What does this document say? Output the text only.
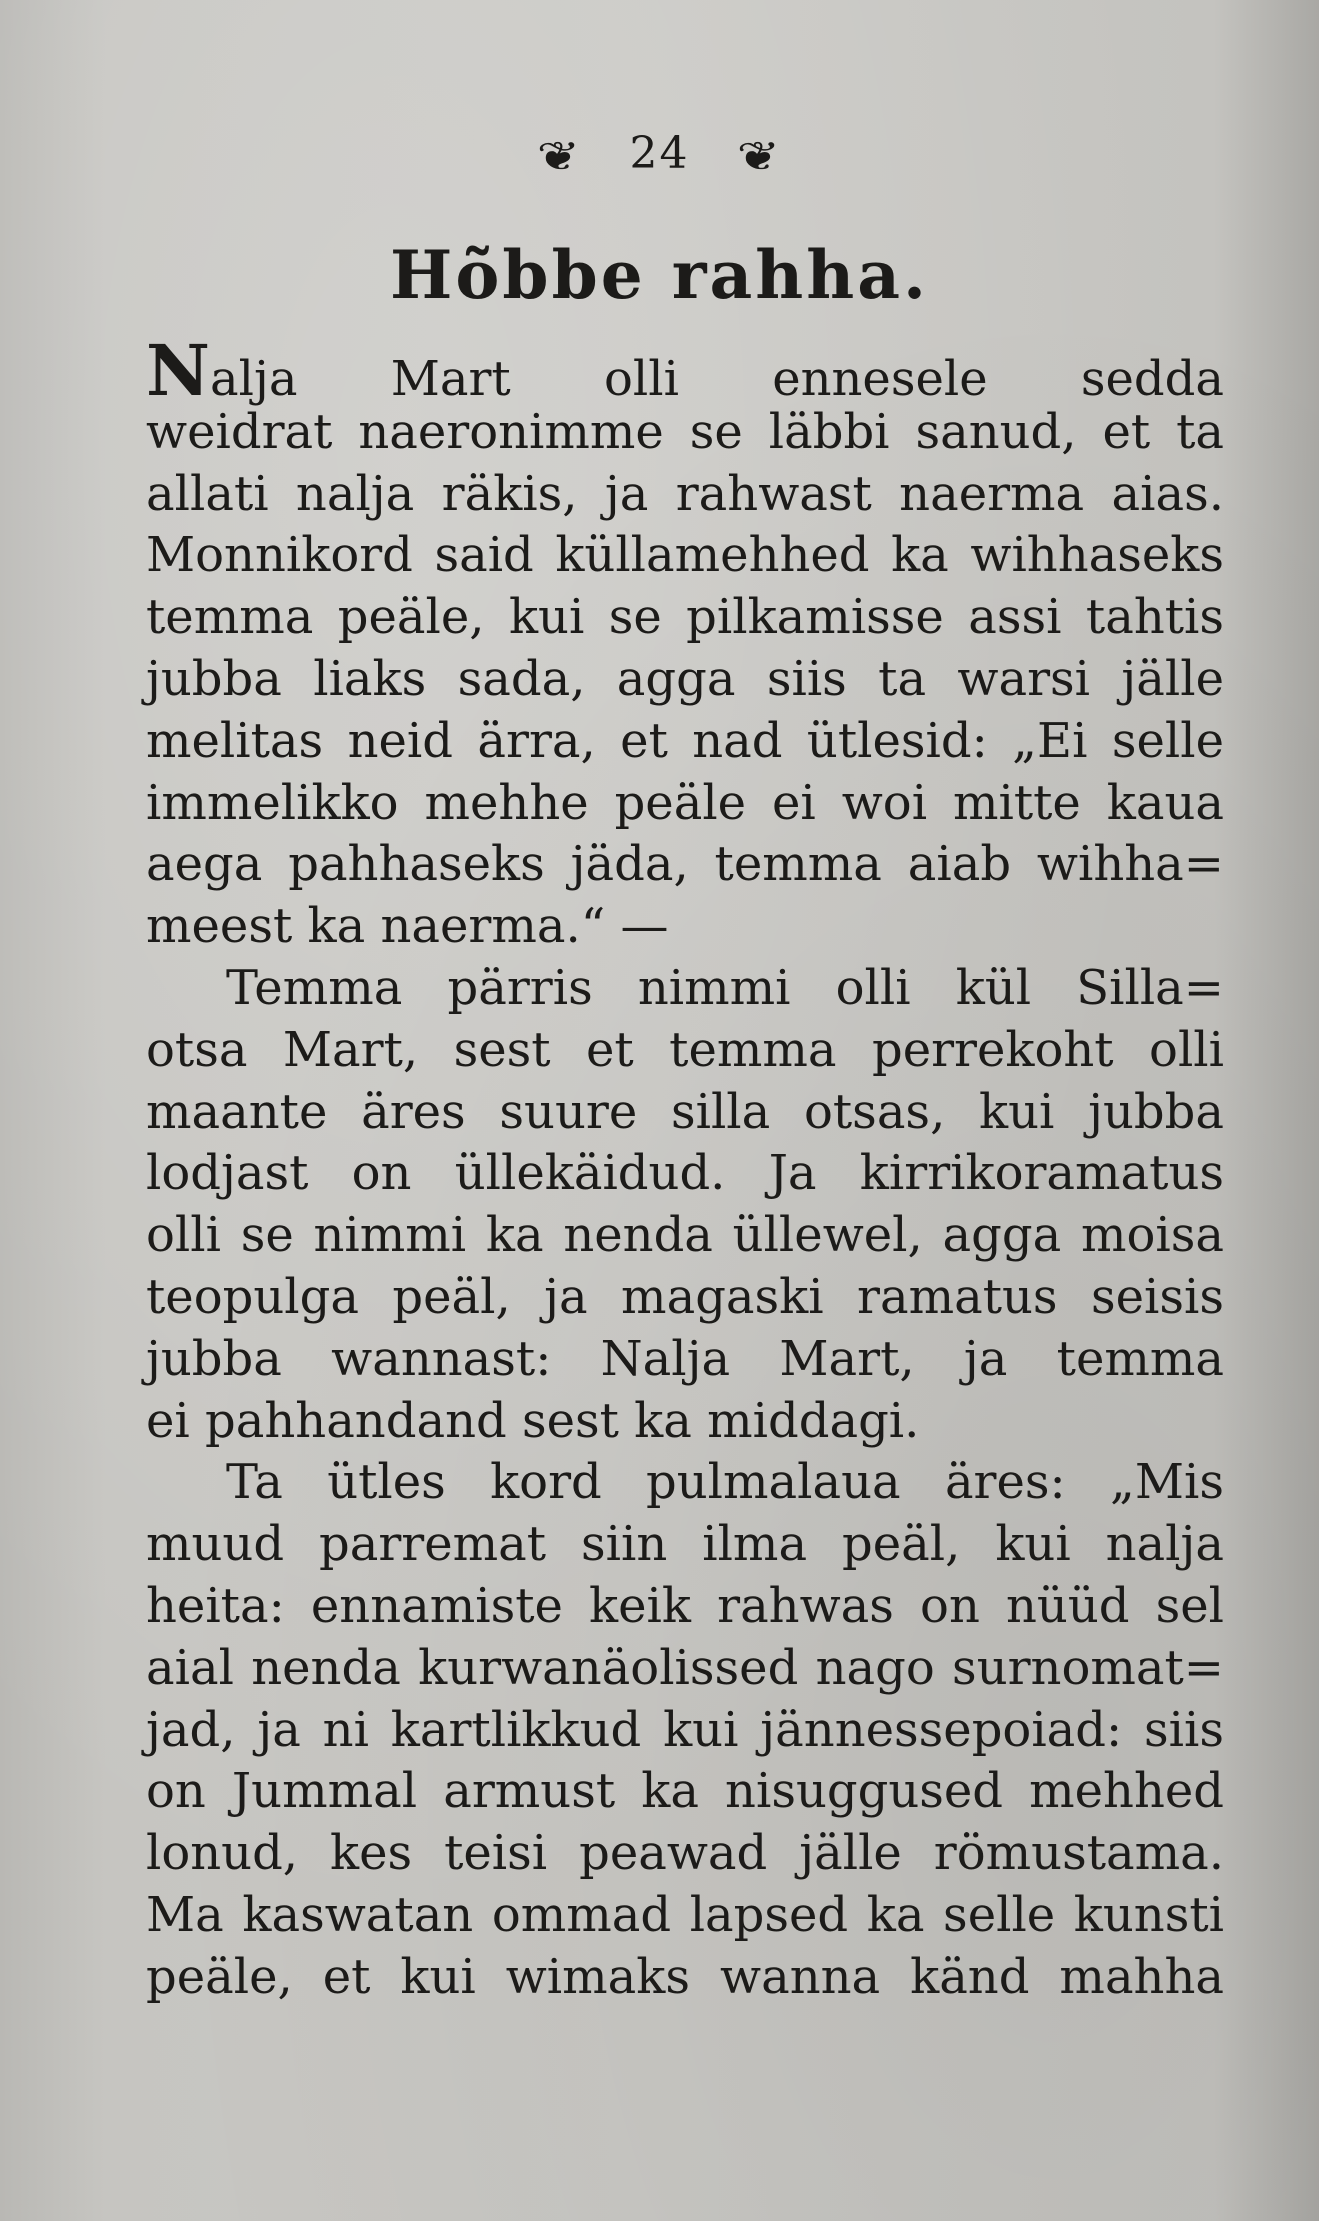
❦ 24 ❦
Hõbbe rahha.
Nalja Mart olli ennesele sedda
weidrat naeronimme se läbbi sanud, et ta
allati nalja räkis, ja rahwast naerma aias.
Monnikord said küllamehhed ka wihhaseks
temma peäle, kui se pilkamisse assi tahtis
jubba liaks sada, agga siis ta warsi jälle
melitas neid ärra, et nad ütlesid: „Ei selle
immelikko mehhe peäle ei woi mitte kaua
aega pahhaseks jäda, temma aiab wihha=
meest ka naerma.“ —
Temma pärris nimmi olli kül Silla=
otsa Mart, sest et temma perrekoht olli
maante äres suure silla otsas, kui jubba
lodjast on üllekäidud. Ja kirrikoramatus
olli se nimmi ka nenda üllewel, agga moisa
teopulga peäl, ja magaski ramatus seisis
jubba wannast: Nalja Mart, ja temma
ei pahhandand sest ka middagi.
Ta ütles kord pulmalaua äres: „Mis
muud parremat siin ilma peäl, kui nalja
heita: ennamiste keik rahwas on nüüd sel
aial nenda kurwanäolissed nago surnomat=
jad, ja ni kartlikkud kui jännessepoiad: siis
on Jummal armust ka nisuggused mehhed
lonud, kes teisi peawad jälle römustama.
Ma kaswatan ommad lapsed ka selle kunsti
peäle, et kui wimaks wanna känd mahha
